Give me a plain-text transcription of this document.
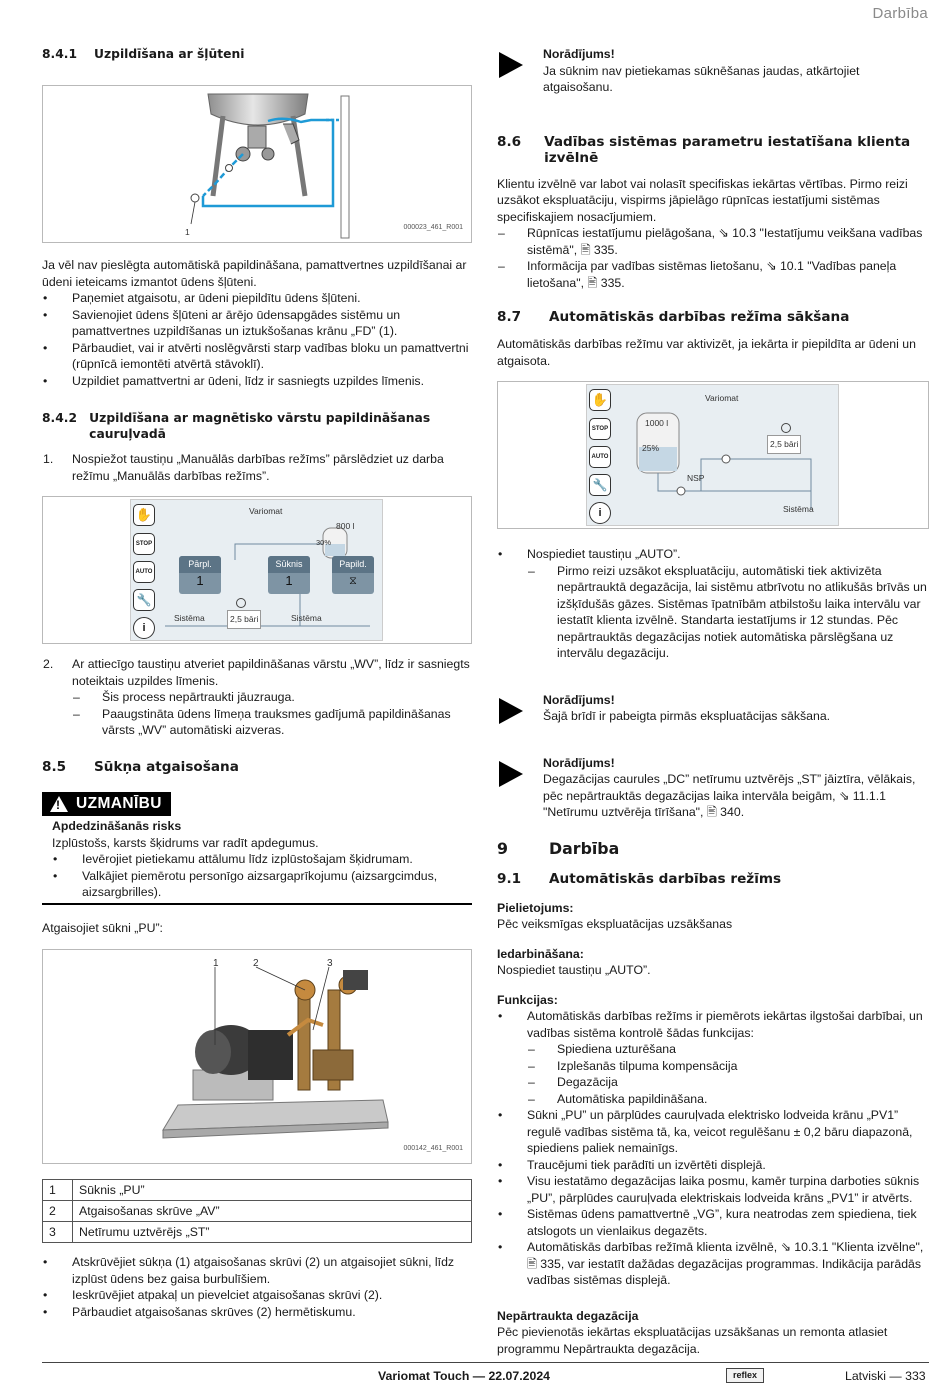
Darbība
8.4.1	Uzpildīšana ar šļūteni
1	000023_461_R001

Ja vēl nav pieslēgta automātiskā papildināšana, pamattvertnes uzpildīšanai ar ūdeni ieteicams izmantot ūdens šļūteni.

•	Paņemiet atgaisotu, ar ūdeni piepildītu ūdens šļūteni.
•	Savienojiet ūdens šļūteni ar ārējo ūdensapgādes sistēmu un pamattvertnes uzpildīšanas un iztukšošanas krānu „FD” (1).
•	Pārbaudiet, vai ir atvērti noslēgvārsti starp vadības bloku un pamattvertni (rūpnīcā iemontēti atvērtā stāvoklī).
•	Uzpildiet pamattvertni ar ūdeni, līdz ir sasniegts uzpildes līmenis.
8.4.2 Uzpildīšana ar magnētisko vārstu papildināšanas cauruļvadā
1.	Nospiežot taustiņu „Manuālās darbības režīms” pārslēdziet uz darba režīmu „Manuālās darbības režīms”.
✋
STOP
AUTO
🔧
i
Variomat
800 l
30%
Pārpl.
1
Sūknis
1
Papild.
⧖
Sistēma	2,5 bāri	Sistēma
2.	Ar attiecīgo taustiņu atveriet papildināšanas vārstu „WV”, līdz ir sasniegts noteiktais uzpildes līmenis.
–	Šis process nepārtraukti jāuzrauga.
–	Paaugstināta ūdens līmeņa trauksmes gadījumā papildināšanas vārsts „WV” automātiski aizveras.
8.5	Sūkņa atgaisošana
! UZMANĪBU
Apdedzināšanās risks
Izplūstošs, karsts šķidrums var radīt apdegumus.
•	Ievērojiet pietiekamu attālumu līdz izplūstošajam šķidrumam.
•	Valkājiet piemērotu personīgo aizsargaprīkojumu (aizsargcimdus, aizsargbrilles).

Atgaisojiet sūkni „PU”:

1	2	3
000142_461_R001
1	Sūknis „PU”
2	Atgaisošanas skrūve „AV”
3	Netīrumu uztvērējs „ST”
•	Atskrūvējiet sūkņa (1) atgaisošanas skrūvi (2) un atgaisojiet sūkni, līdz izplūst ūdens bez gaisa burbulīšiem.
•	Ieskrūvējiet atpakaļ un pievelciet atgaisošanas skrūvi (2).
•	Pārbaudiet atgaisošanas skrūves (2) hermētiskumu.
Norādījums!
Ja sūknim nav pietiekamas sūknēšanas jaudas, atkārtojiet atgaisošanu.
8.6	Vadības sistēmas parametru iestatīšana klienta izvēlnē

Klientu izvēlnē var labot vai nolasīt specifiskas iekārtas vērtības. Pirmo reizi uzsākot ekspluatāciju, vispirms jāpielāgo rūpnīcas iestatījumi sistēmas specifiskajiem nosacījumiem.

–	Rūpnīcas iestatījumu pielāgošana, ⇘ 10.3 "Iestatījumu veikšana vadības sistēmā", 🖹 335.
–	Informācija par vadības sistēmas lietošanu, ⇘ 10.1 "Vadības paneļa lietošana", 🖹 335.
8.7	Automātiskās darbības režīma sākšana

Automātiskās darbības režīmu var aktivizēt, ja iekārta ir piepildīta ar ūdeni un atgaisota.

✋
STOP
AUTO
🔧
i
Variomat
1000 l
25%	2,5 bāri
NSP
Sistēma
•	Nospiediet taustiņu „AUTO”.
–	Pirmo reizi uzsākot ekspluatāciju, automātiski tiek aktivizēta nepārtrauktā degazācija, lai sistēmu atbrīvotu no atlikušās brīvās un izšķīdušās gāzes. Sistēmas īpatnībām atbilstošu laika intervālu var iestatīt klienta izvēlnē. Standarta iestatījums ir 12 stundas. Pēc nepārtrauktās degazācijas notiek automātiska pārslēgšana uz intervālu degazāciju.
Norādījums!
Šajā brīdī ir pabeigta pirmās ekspluatācijas sākšana.
Norādījums!
Degazācijas caurules „DC” netīrumu uztvērējs „ST” jāiztīra, vēlākais, pēc nepārtrauktās degazācijas laika intervāla beigām, ⇘ 11.1.1 "Netīrumu uztvērēja tīrīšana", 🖹 340.
9	Darbība
9.1	Automātiskās darbības režīms
Pielietojums:
Pēc veiksmīgas ekspluatācijas uzsākšanas
Iedarbināšana:
Nospiediet taustiņu „AUTO”.
Funkcijas:
•	Automātiskās darbības režīms ir piemērots iekārtas ilgstošai darbībai, un vadības sistēma kontrolē šādas funkcijas:
–	Spiediena uzturēšana
–	Izplešanās tilpuma kompensācija
–	Degazācija
–	Automātiska papildināšana.
•	Sūkni „PU” un pārplūdes cauruļvada elektrisko lodveida krānu „PV1” regulē vadības sistēma tā, ka, veicot regulēšanu ± 0,2 bāru diapazonā, spiediens paliek nemainīgs.
•	Traucējumi tiek parādīti un izvērtēti displejā.
•	Visu iestatāmo degazācijas laika posmu, kamēr turpina darboties sūknis „PU”, pārplūdes cauruļvada elektriskais lodveida krāns „PV1” ir atvērts.
•	Sistēmas ūdens pamattvertnē „VG”, kura neatrodas zem spiediena, tiek atslogots un vienlaikus degazēts.
•	Automātiskās darbības režīmā klienta izvēlnē, ⇘ 10.3.1 "Klienta izvēlne", 🖹 335, var iestatīt dažādas degazācijas programmas. Indikācija parādās vadības sistēmas displejā.
Nepārtraukta degazācija
Pēc pievienotās iekārtas ekspluatācijas uzsākšanas un remonta atlasiet programmu Nepārtraukta degazācija.
Variomat Touch — 22.07.2024	reflex	Latviski — 333
